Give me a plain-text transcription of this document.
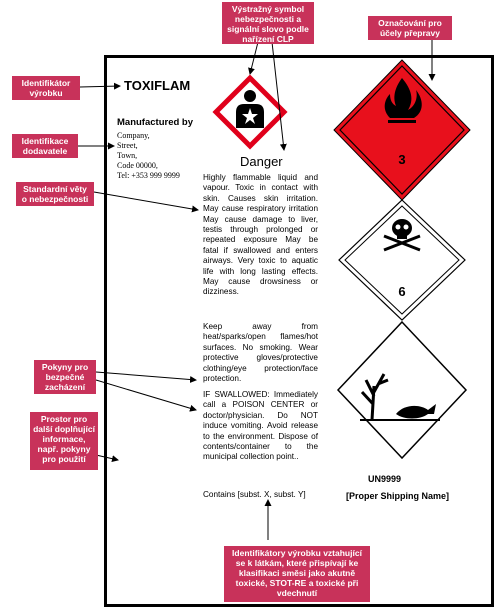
TOXIFLAM
Manufactured by
Company,
Street,
Town,
Code 00000,
Tel: +353 999 9999
Danger
Highly flammable liquid and vapour. Toxic in contact with skin. Causes skin irritation. May cause respiratory irritation May cause damage to liver, testis through prolonged or repeated exposure May be fatal if swallowed and enters airways. Very toxic to aquatic life with long lasting effects. May cause drowsiness or dizziness.
Keep away from heat/sparks/open flames/hot surfaces. No smoking. Wear protective gloves/protective clothing/eye protection/face protection.
IF SWALLOWED: Immediately call a POISON CENTER or doctor/physician. Do NOT induce vomiting. Avoid release to the environment. Dispose of contents/container to the municipal collection point..
Contains [subst. X, subst. Y]
UN9999
[Proper Shipping Name]
3
6
Výstražný symbol
nebezpečnosti a
signální slovo podle
nařízení CLP
Označování pro
účely přepravy
Identifikátor
výrobku
Identifikace
dodavatele
Standardní věty
o nebezpečnosti
Pokyny pro
bezpečné
zacházení
Prostor pro
další doplňující
informace,
např. pokyny
pro použití
Identifikátory výrobku vztahující
se k látkám, které přispívají ke
klasifikaci směsi jako akutně
toxické, STOT-RE a toxické při
vdechnutí
